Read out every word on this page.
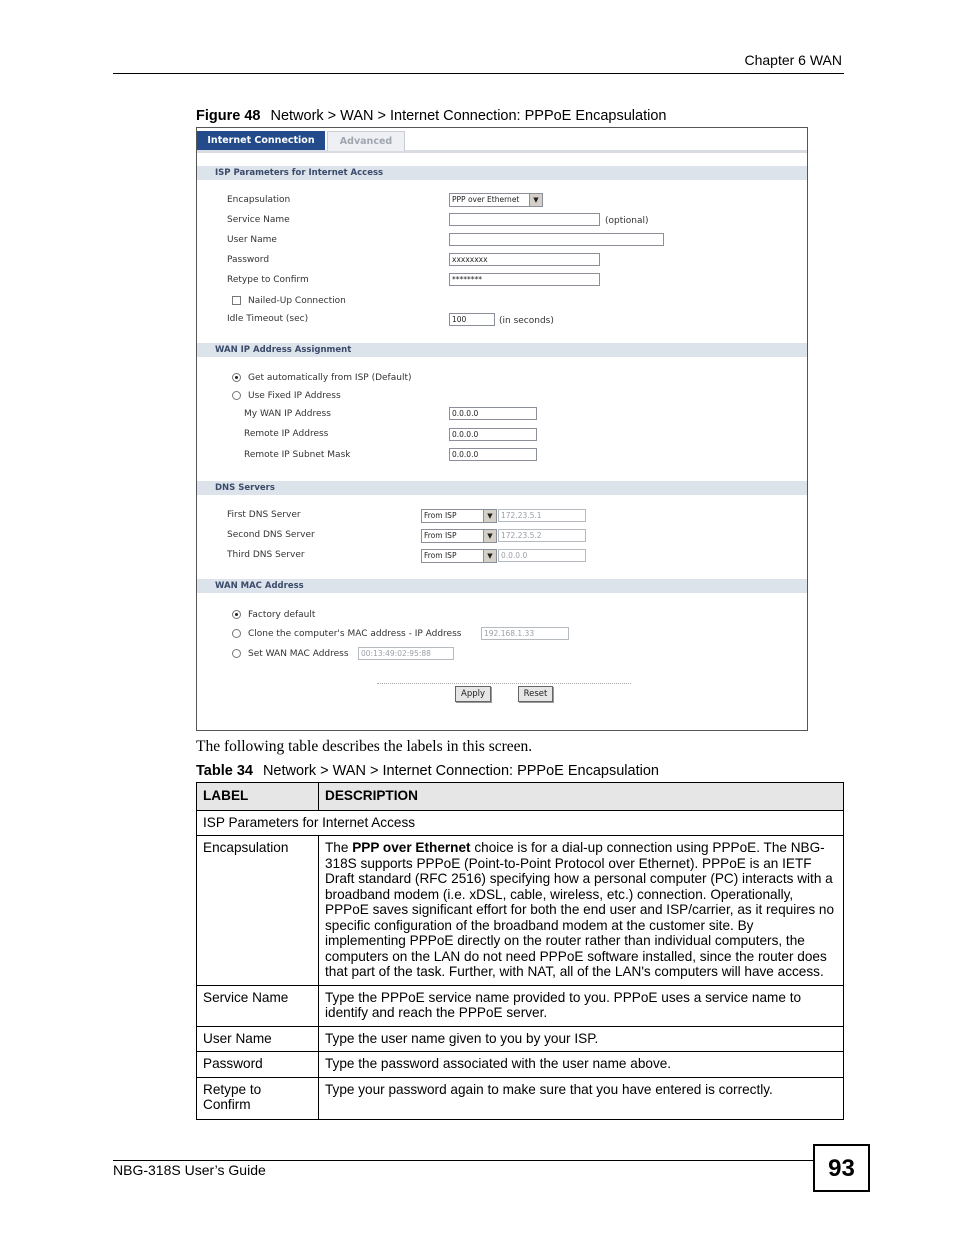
Chapter 6 WAN
Figure 48 Network > WAN > Internet Connection: PPPoE Encapsulation
Internet Connection	Advanced
ISP Parameters for Internet Access
Encapsulation	PPP over Ethernet	▼
Service Name	(optional)
User Name
Password	xxxxxxxx
Retype to Confirm	********
Nailed-Up Connection
Idle Timeout (sec)	100	(in seconds)
WAN IP Address Assignment
Get automatically from ISP (Default)
Use Fixed IP Address
My WAN IP Address	0.0.0.0
Remote IP Address	0.0.0.0
Remote IP Subnet Mask	0.0.0.0
DNS Servers
First DNS Server	From ISP	▼	172.23.5.1
Second DNS Server	From ISP	▼	172.23.5.2
Third DNS Server	From ISP	▼	0.0.0.0
WAN MAC Address
Factory default
Clone the computer's MAC address - IP Address	192.168.1.33
Set WAN MAC Address	00:13:49:02:95:88
Apply	Reset
The following table describes the labels in this screen.
Table 34 Network > WAN > Internet Connection: PPPoE Encapsulation
LABEL	DESCRIPTION
ISP Parameters for Internet Access	
Encapsulation	The PPP over Ethernet choice is for a dial-up connection using PPPoE. The NBG-318S supports PPPoE (Point-to-Point Protocol over Ethernet). PPPoE is an IETF Draft standard (RFC 2516) specifying how a personal computer (PC) interacts with a broadband modem (i.e. xDSL, cable, wireless, etc.) connection. Operationally, PPPoE saves significant effort for both the end user and ISP/carrier, as it requires no specific configuration of the broadband modem at the customer site. By implementing PPPoE directly on the router rather than individual computers, the computers on the LAN do not need PPPoE software installed, since the router does that part of the task. Further, with NAT, all of the LAN's computers will have access.
Service Name	Type the PPPoE service name provided to you. PPPoE uses a service name to identify and reach the PPPoE server.
User Name	Type the user name given to you by your ISP.
Password	Type the password associated with the user name above.
Retype to Confirm	Type your password again to make sure that you have entered is correctly.
NBG-318S User’s Guide	93
